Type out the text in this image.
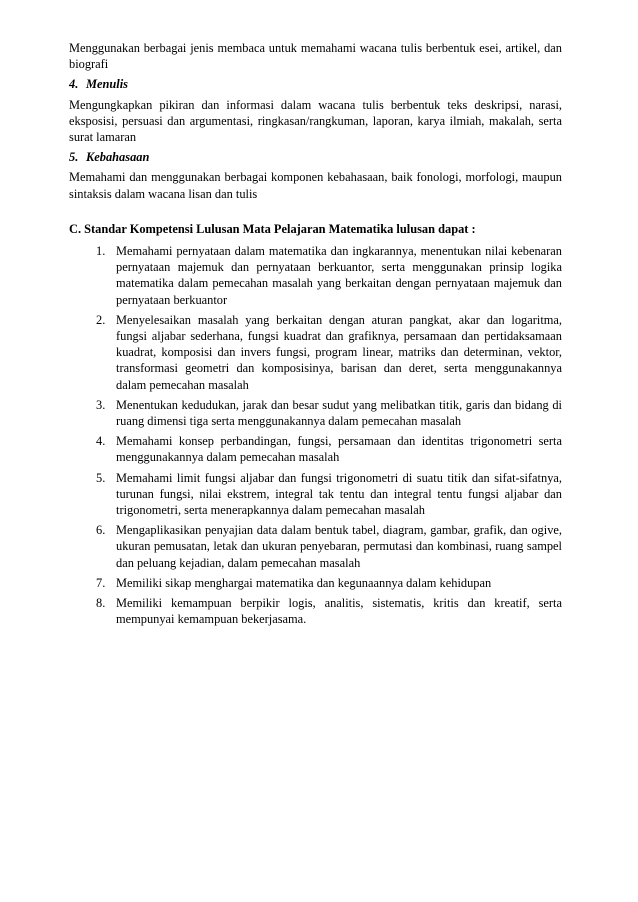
Menggunakan berbagai jenis membaca untuk memahami wacana tulis berbentuk esei, artikel, dan biografi

4. Menulis

Mengungkapkan pikiran dan informasi dalam wacana tulis berbentuk teks deskripsi, narasi, eksposisi, persuasi dan argumentasi, ringkasan/rangkuman, laporan, karya ilmiah, makalah, serta surat lamaran

5. Kebahasaan

Memahami dan menggunakan berbagai komponen kebahasaan, baik fonologi, morfologi, maupun sintaksis dalam wacana lisan dan tulis

C. Standar Kompetensi Lulusan Mata Pelajaran Matematika lulusan dapat :

1. Memahami pernyataan dalam matematika dan ingkarannya, menentukan nilai kebenaran pernyataan majemuk dan pernyataan berkuantor, serta menggunakan prinsip logika matematika dalam pemecahan masalah yang berkaitan dengan pernyataan majemuk dan pernyataan berkuantor
2. Menyelesaikan masalah yang berkaitan dengan aturan pangkat, akar dan logaritma, fungsi aljabar sederhana, fungsi kuadrat dan grafiknya, persamaan dan pertidaksamaan kuadrat, komposisi dan invers fungsi, program linear, matriks dan determinan, vektor, transformasi geometri dan komposisinya, barisan dan deret, serta menggunakannya dalam pemecahan masalah
3. Menentukan kedudukan, jarak dan besar sudut yang melibatkan titik, garis dan bidang di ruang dimensi tiga serta menggunakannya dalam pemecahan masalah
4. Memahami konsep perbandingan, fungsi, persamaan dan identitas trigonometri serta menggunakannya dalam pemecahan masalah
5. Memahami limit fungsi aljabar dan fungsi trigonometri di suatu titik dan sifat-sifatnya, turunan fungsi, nilai ekstrem, integral tak tentu dan integral tentu fungsi aljabar dan trigonometri, serta menerapkannya dalam pemecahan masalah
6. Mengaplikasikan penyajian data dalam bentuk tabel, diagram, gambar, grafik, dan ogive, ukuran pemusatan, letak dan ukuran penyebaran, permutasi dan kombinasi, ruang sampel dan peluang kejadian, dalam pemecahan masalah
7. Memiliki sikap menghargai matematika dan kegunaannya dalam kehidupan
8. Memiliki kemampuan berpikir logis, analitis, sistematis, kritis dan kreatif, serta mempunyai kemampuan bekerjasama.
